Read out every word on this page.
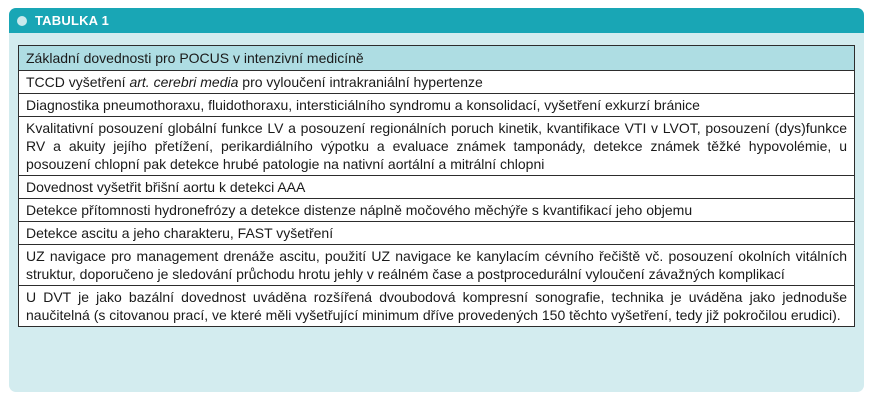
TABULKA 1
Základní dovednosti pro POCUS v intenzivní medicíně
TCCD vyšetření art. cerebri media pro vyloučení intrakraniální hypertenze
Diagnostika pneumothoraxu, fluidothoraxu, intersticiálního syndromu a konsolidací, vyšetření exkurzí bránice
Kvalitativní posouzení globální funkce LV a posouzení regionálních poruch kinetik, kvantifikace VTI v LVOT, posouzení (dys)funkce RV a akuity jejího přetížení, perikardiálního výpotku a evaluace známek tamponády, detekce známek těžké hypovolémie, u posouzení chlopní pak detekce hrubé patologie na nativní aortální a mitrální chlopni
Dovednost vyšetřit břišní aortu k detekci AAA
Detekce přítomnosti hydronefrózy a detekce distenze náplně močového měchýře s kvantifikací jeho objemu
Detekce ascitu a jeho charakteru, FAST vyšetření
UZ navigace pro management drenáže ascitu, použití UZ navigace ke kanylacím cévního řečiště vč. posouzení okolních vitálních struktur, doporučeno je sledování průchodu hrotu jehly v reálném čase a postprocedurální vyloučení závažných komplikací
U DVT je jako bazální dovednost uváděna rozšířená dvoubodová kompresní sonografie, technika je uváděna jako jednoduše naučitelná (s citovanou prací, ve které měli vyšetřující minimum dříve provedených 150 těchto vyšetření, tedy již pokročilou erudici).
